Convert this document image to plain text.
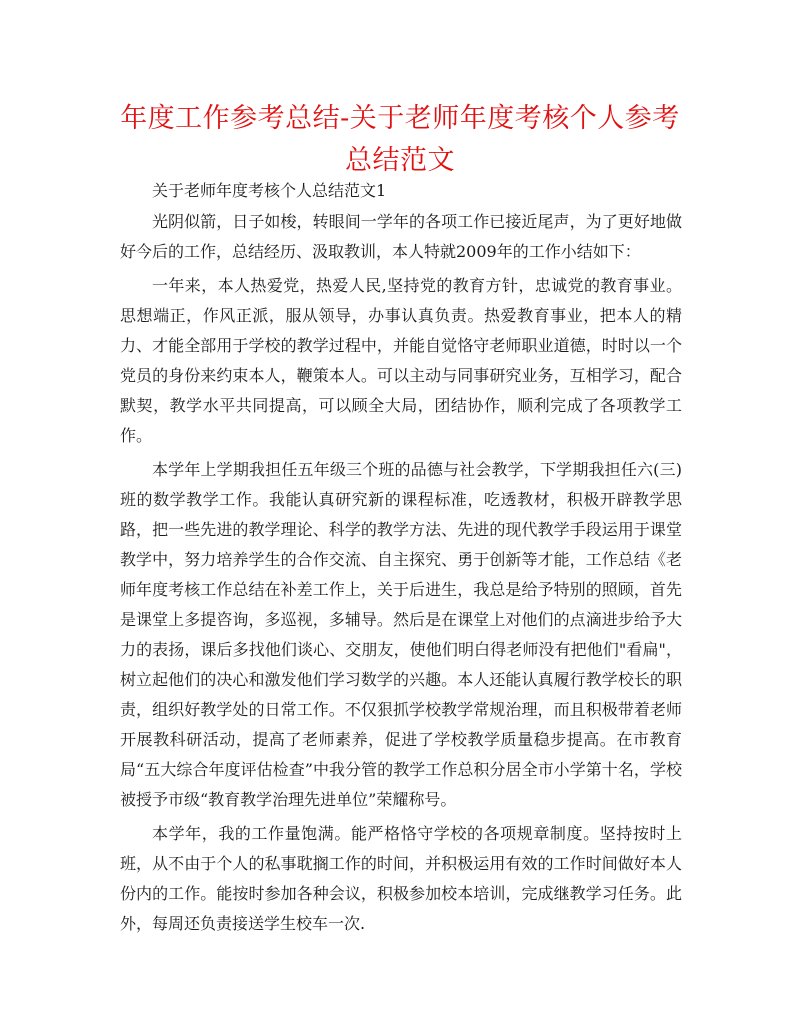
年度工作参考总结-关于老师年度考核个人参考总结范文

关于老师年度考核个人总结范文1

光阴似箭，日子如梭，转眼间一学年的各项工作已接近尾声，为了更好地做好今后的工作，总结经历、汲取教训，本人特就2009年的工作小结如下：

一年来，本人热爱党，热爱人民,坚持党的教育方针，忠诚党的教育事业。思想端正，作风正派，服从领导，办事认真负责。热爱教育事业，把本人的精力、才能全部用于学校的教学过程中，并能自觉恪守老师职业道德，时时以一个党员的身份来约束本人，鞭策本人。可以主动与同事研究业务，互相学习，配合默契，教学水平共同提高，可以顾全大局，团结协作，顺利完成了各项教学工作。

本学年上学期我担任五年级三个班的品德与社会教学，下学期我担任六(三)班的数学教学工作。我能认真研究新的课程标准，吃透教材，积极开辟教学思路，把一些先进的教学理论、科学的教学方法、先进的现代教学手段运用于课堂教学中，努力培养学生的合作交流、自主探究、勇于创新等才能，工作总结《老师年度考核工作总结在补差工作上，关于后进生，我总是给予特别的照顾，首先是课堂上多提咨询，多巡视，多辅导。然后是在课堂上对他们的点滴进步给予大力的表扬，课后多找他们谈心、交朋友，使他们明白得老师没有把他们"看扁"，树立起他们的决心和激发他们学习数学的兴趣。本人还能认真履行教学校长的职责，组织好教学处的日常工作。不仅狠抓学校教学常规治理，而且积极带着老师开展教科研活动，提高了老师素养，促进了学校教学质量稳步提高。在市教育局“五大综合年度评估检查”中我分管的教学工作总积分居全市小学第十名，学校被授予市级“教育教学治理先进单位”荣耀称号。

本学年，我的工作量饱满。能严格恪守学校的各项规章制度。坚持按时上班，从不由于个人的私事耽搁工作的时间，并积极运用有效的工作时间做好本人份内的工作。能按时参加各种会议，积极参加校本培训，完成继教学习任务。此外，每周还负责接送学生校车一次.
